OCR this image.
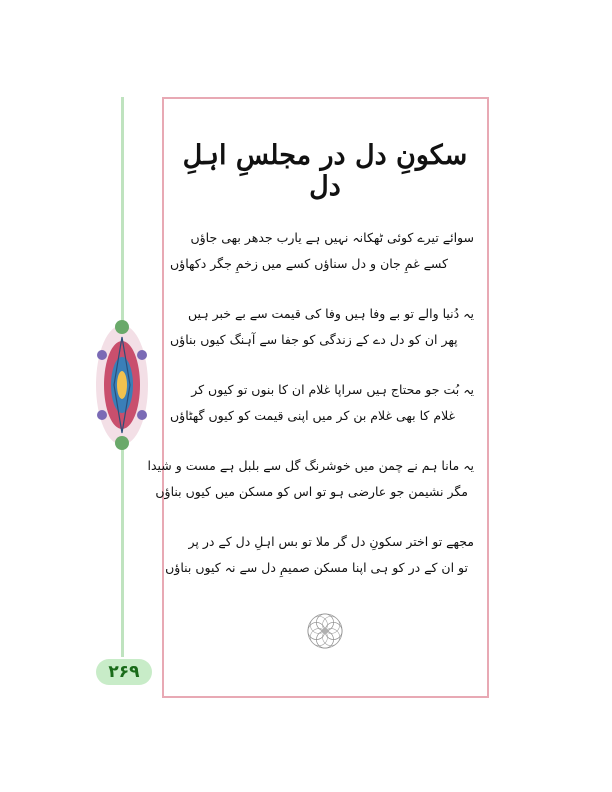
۲۶۹
سکونِ دل در مجلسِ اہلِ دل
سوائے تیرے کوئی ٹھکانہ نہیں ہے یارب جدھر بھی جاؤں
کسے غمِ جان و دل سناؤں کسے میں زخمِ جگر دکھاؤں
یہ دُنیا والے تو بے وفا ہیں وفا کی قیمت سے بے خبر ہیں
پھر ان کو دل دے کے زندگی کو جفا سے آہنگ کیوں بناؤں
یہ بُت جو محتاج ہیں سراپا غلام ان کا بنوں تو کیوں کر
غلام کا بھی غلام بن کر میں اپنی قیمت کو کیوں گھٹاؤں
یہ مانا ہم نے چمن میں خوشرنگ گل سے بلبل ہے مست و شیدا
مگر نشیمن جو عارضی ہو تو اس کو مسکن میں کیوں بناؤں
مجھے تو اختر سکونِ دل گر ملا تو بس اہلِ دل کے در پر
تو ان کے در کو ہی اپنا مسکن صمیمِ دل سے نہ کیوں بناؤں
